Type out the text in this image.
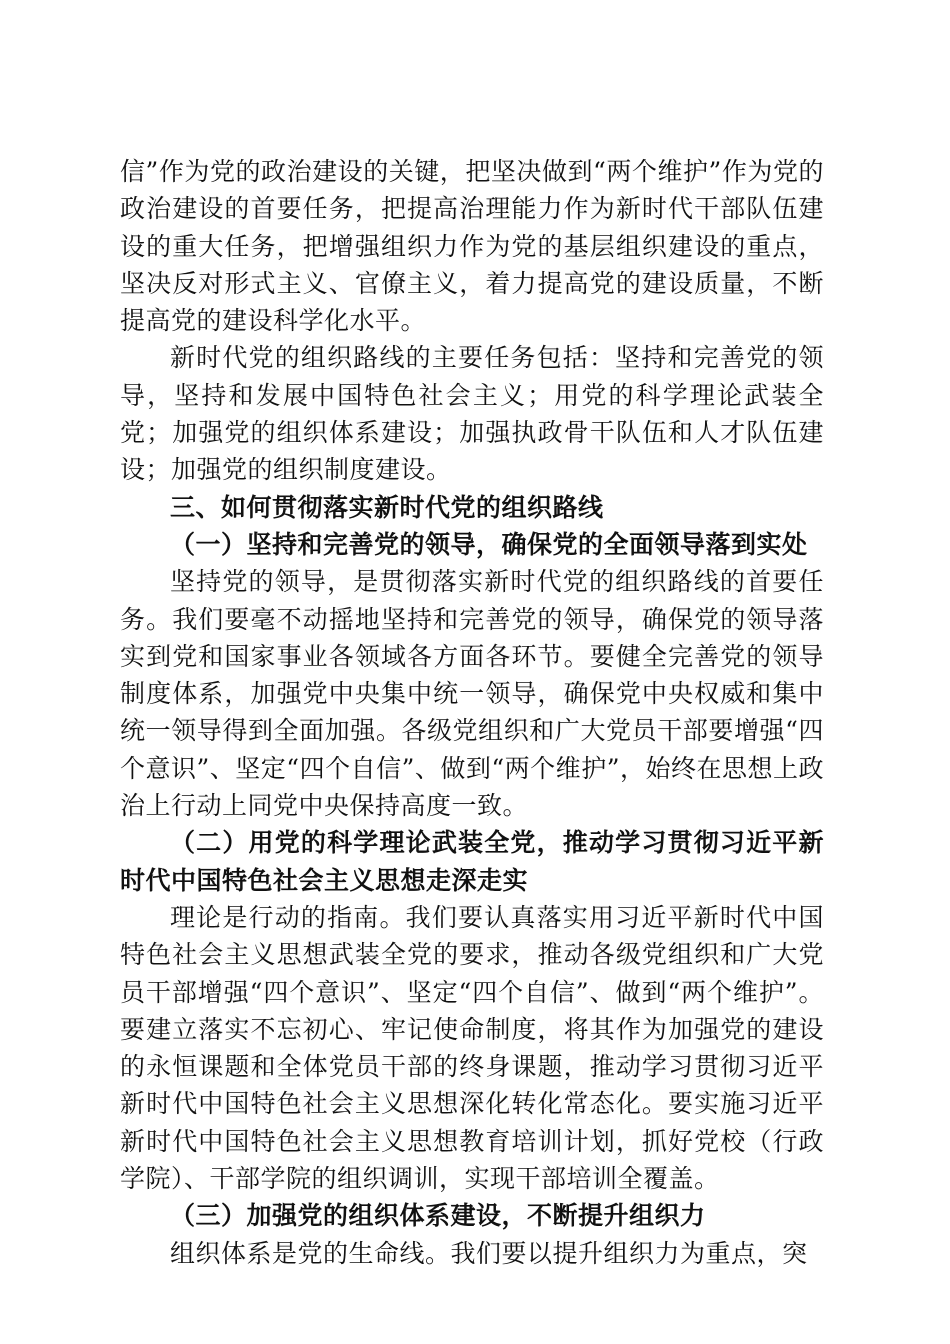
信”作为党的政治建设的关键，把坚决做到“两个维护”作为党的政治建设的首要任务，把提高治理能力作为新时代干部队伍建设的重大任务，把增强组织力作为党的基层组织建设的重点，坚决反对形式主义、官僚主义，着力提高党的建设质量，不断提高党的建设科学化水平。

新时代党的组织路线的主要任务包括：坚持和完善党的领导，坚持和发展中国特色社会主义；用党的科学理论武装全党；加强党的组织体系建设；加强执政骨干队伍和人才队伍建设；加强党的组织制度建设。

三、如何贯彻落实新时代党的组织路线

（一）坚持和完善党的领导，确保党的全面领导落到实处

坚持党的领导，是贯彻落实新时代党的组织路线的首要任务。我们要毫不动摇地坚持和完善党的领导，确保党的领导落实到党和国家事业各领域各方面各环节。要健全完善党的领导制度体系，加强党中央集中统一领导，确保党中央权威和集中统一领导得到全面加强。各级党组织和广大党员干部要增强“四个意识”、坚定“四个自信”、做到“两个维护”，始终在思想上政治上行动上同党中央保持高度一致。

（二）用党的科学理论武装全党，推动学习贯彻习近平新时代中国特色社会主义思想走深走实

理论是行动的指南。我们要认真落实用习近平新时代中国特色社会主义思想武装全党的要求，推动各级党组织和广大党员干部增强“四个意识”、坚定“四个自信”、做到“两个维护”。要建立落实不忘初心、牢记使命制度，将其作为加强党的建设的永恒课题和全体党员干部的终身课题，推动学习贯彻习近平新时代中国特色社会主义思想深化转化常态化。要实施习近平新时代中国特色社会主义思想教育培训计划，抓好党校（行政学院）、干部学院的组织调训，实现干部培训全覆盖。

（三）加强党的组织体系建设，不断提升组织力

组织体系是党的生命线。我们要以提升组织力为重点，突
